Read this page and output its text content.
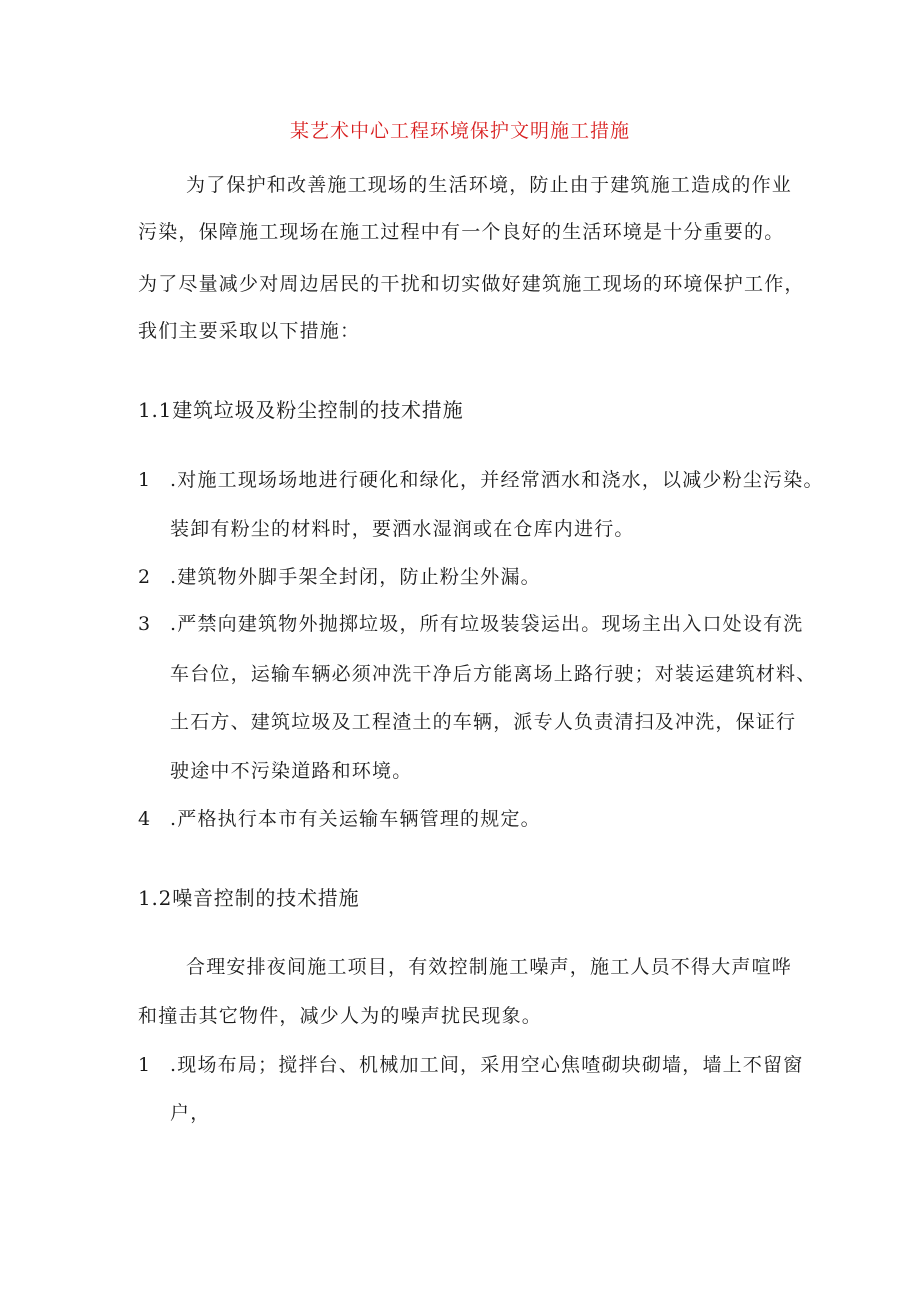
某艺术中心工程环境保护文明施工措施
为了保护和改善施工现场的生活环境，防止由于建筑施工造成的作业
污染，保障施工现场在施工过程中有一个良好的生活环境是十分重要的。
为了尽量减少对周边居民的干扰和切实做好建筑施工现场的环境保护工作，
我们主要采取以下措施：
1.1建筑垃圾及粉尘控制的技术措施
1 .对施工现场场地进行硬化和绿化，并经常洒水和浇水，以减少粉尘污染。
装卸有粉尘的材料时，要洒水湿润或在仓库内进行。
2 .建筑物外脚手架全封闭，防止粉尘外漏。
3 .严禁向建筑物外抛掷垃圾，所有垃圾装袋运出。现场主出入口处设有洗
车台位，运输车辆必须冲洗干净后方能离场上路行驶；对装运建筑材料、
土石方、建筑垃圾及工程渣土的车辆，派专人负责清扫及冲洗，保证行
驶途中不污染道路和环境。
4 .严格执行本市有关运输车辆管理的规定。
1.2噪音控制的技术措施
合理安排夜间施工项目，有效控制施工噪声，施工人员不得大声喧哗
和撞击其它物件，减少人为的噪声扰民现象。
1 .现场布局；搅拌台、机械加工间，采用空心焦喳砌块砌墙，墙上不留窗
户，
